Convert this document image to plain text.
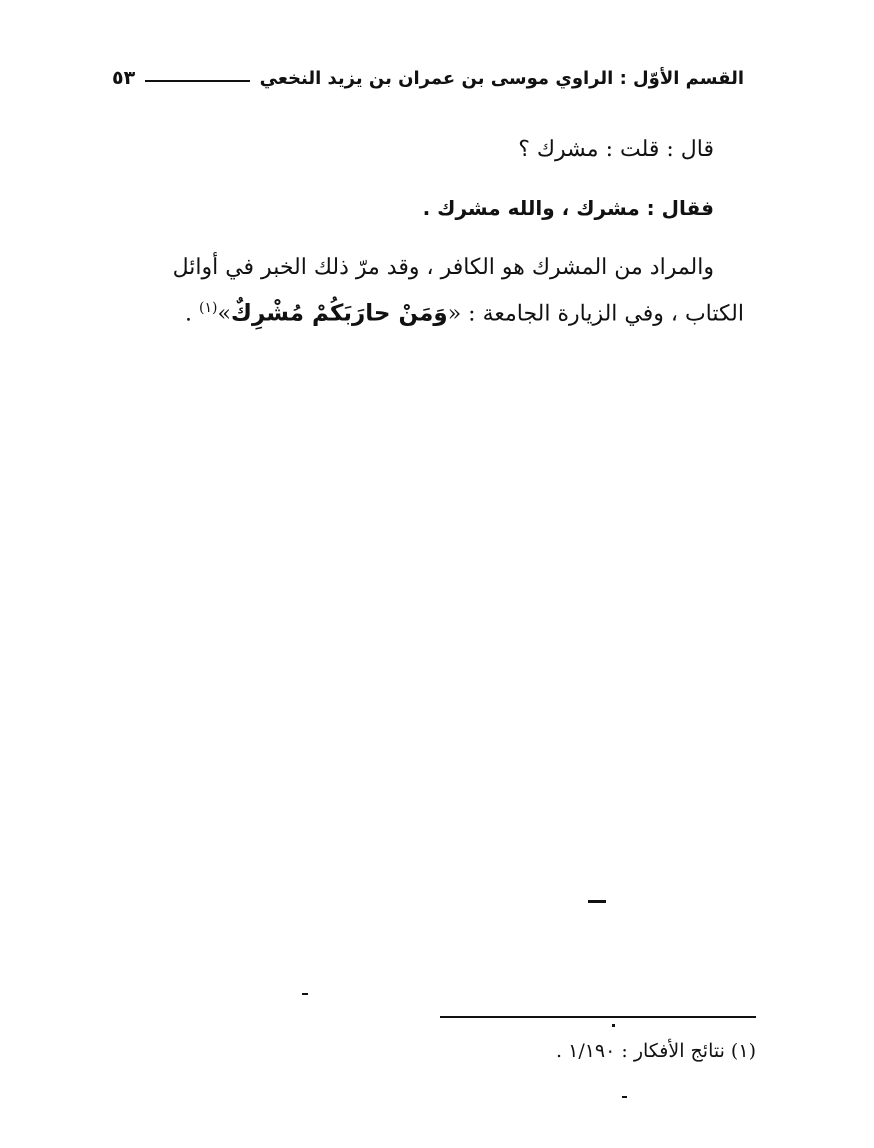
القسم الأوّل : الراوي موسى بن عمران بن يزيد النخعي
٥٣

قال : قلت : مشرك ؟

فقال : مشرك ، والله مشرك .

والمراد من المشرك هو الكافر ، وقد مرّ ذلك الخبر في أوائل
الكتاب ، وفي الزيارة الجامعة : «وَمَنْ حارَبَكُمْ مُشْرِكٌ»$^{(١)}$ .

(١) نتائج الأفكار : ١/١٩٠ .
